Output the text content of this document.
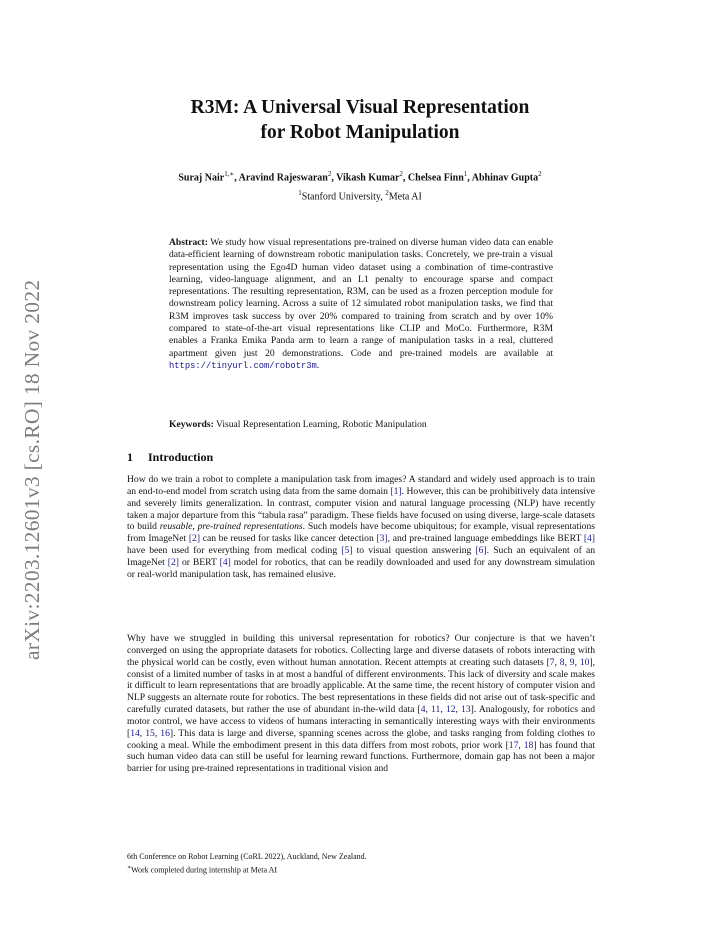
arXiv:2203.12601v3 [cs.RO] 18 Nov 2022
R3M: A Universal Visual Representation
for Robot Manipulation
Suraj Nair$^{1,∗}$, Aravind Rajeswaran$^2$, Vikash Kumar$^2$, Chelsea Finn$^1$, Abhinav Gupta$^2$
$^1$Stanford University, $^2$Meta AI
Abstract: We study how visual representations pre-trained on diverse human video data can enable data-efficient learning of downstream robotic manipulation tasks. Concretely, we pre-train a visual representation using the Ego4D human video dataset using a combination of time-contrastive learning, video-language alignment, and an L1 penalty to encourage sparse and compact representations. The resulting representation, R3M, can be used as a frozen perception module for downstream policy learning. Across a suite of 12 simulated robot manipulation tasks, we find that R3M improves task success by over 20% compared to training from scratch and by over 10% compared to state-of-the-art visual representations like CLIP and MoCo. Furthermore, R3M enables a Franka Emika Panda arm to learn a range of manipulation tasks in a real, cluttered apartment given just 20 demonstrations. Code and pre-trained models are available at https://tinyurl.com/robotr3m.
Keywords: Visual Representation Learning, Robotic Manipulation
1 Introduction
How do we train a robot to complete a manipulation task from images? A standard and widely used approach is to train an end-to-end model from scratch using data from the same domain [1]. However, this can be prohibitively data intensive and severely limits generalization. In contrast, computer vision and natural language processing (NLP) have recently taken a major departure from this “tabula rasa” paradigm. These fields have focused on using diverse, large-scale datasets to build reusable, pre-trained representations. Such models have become ubiquitous; for example, visual representations from ImageNet [2] can be reused for tasks like cancer detection [3], and pre-trained language embeddings like BERT [4] have been used for everything from medical coding [5] to visual question answering [6]. Such an equivalent of an ImageNet [2] or BERT [4] model for robotics, that can be readily downloaded and used for any downstream simulation or real-world manipulation task, has remained elusive.
Why have we struggled in building this universal representation for robotics? Our conjecture is that we haven’t converged on using the appropriate datasets for robotics. Collecting large and diverse datasets of robots interacting with the physical world can be costly, even without human annotation. Recent attempts at creating such datasets [7, 8, 9, 10], consist of a limited number of tasks in at most a handful of different environments. This lack of diversity and scale makes it difficult to learn representations that are broadly applicable. At the same time, the recent history of computer vision and NLP suggests an alternate route for robotics. The best representations in these fields did not arise out of task-specific and carefully curated datasets, but rather the use of abundant in-the-wild data [4, 11, 12, 13]. Analogously, for robotics and motor control, we have access to videos of humans interacting in semantically interesting ways with their environments [14, 15, 16]. This data is large and diverse, spanning scenes across the globe, and tasks ranging from folding clothes to cooking a meal. While the embodiment present in this data differs from most robots, prior work [17, 18] has found that such human video data can still be useful for learning reward functions. Furthermore, domain gap has not been a major barrier for using pre-trained representations in traditional vision and
6th Conference on Robot Learning (CoRL 2022), Auckland, New Zealand.
∗Work completed during internship at Meta AI
